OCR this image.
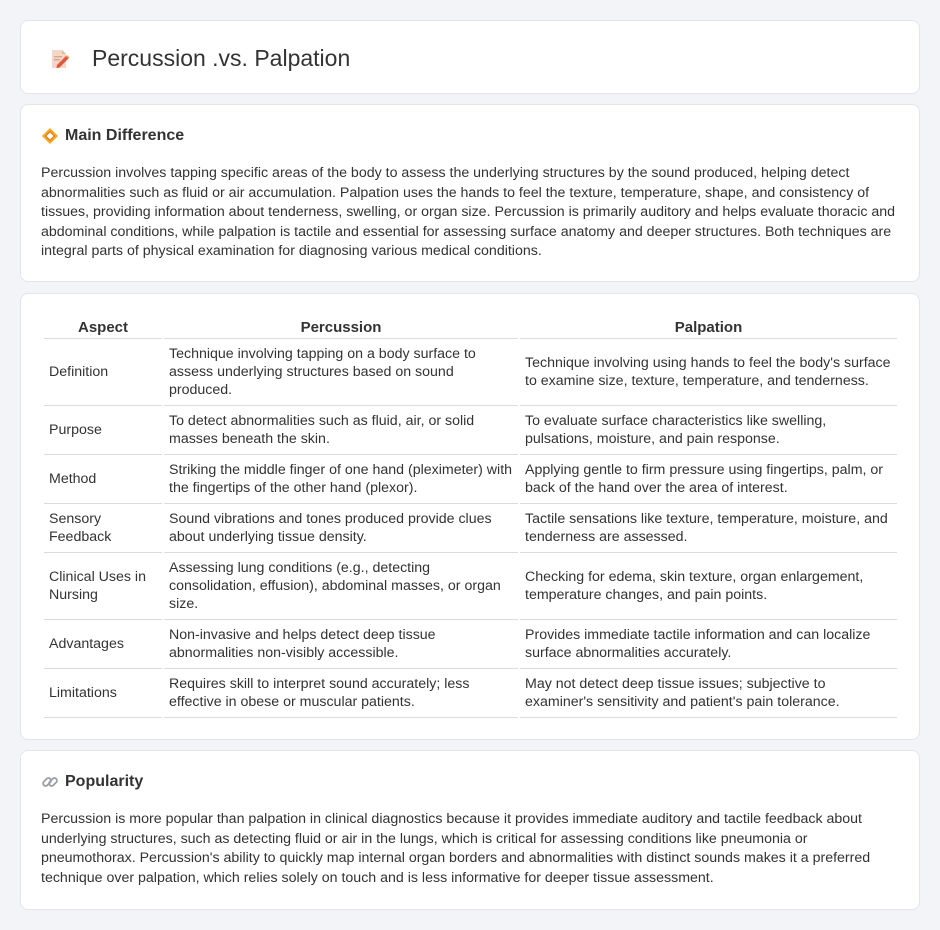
Percussion .vs. Palpation
Main Difference

Percussion involves tapping specific areas of the body to assess the underlying structures by the sound produced, helping detect abnormalities such as fluid or air accumulation. Palpation uses the hands to feel the texture, temperature, shape, and consistency of tissues, providing information about tenderness, swelling, or organ size. Percussion is primarily auditory and helps evaluate thoracic and abdominal conditions, while palpation is tactile and essential for assessing surface anatomy and deeper structures. Both techniques are integral parts of physical examination for diagnosing various medical conditions.

Aspect	Percussion	Palpation
Definition	Technique involving tapping on a body surface to assess underlying structures based on sound produced.	Technique involving using hands to feel the body's surface to examine size, texture, temperature, and tenderness.
Purpose	To detect abnormalities such as fluid, air, or solid masses beneath the skin.	To evaluate surface characteristics like swelling, pulsations, moisture, and pain response.
Method	Striking the middle finger of one hand (pleximeter) with the fingertips of the other hand (plexor).	Applying gentle to firm pressure using fingertips, palm, or back of the hand over the area of interest.
Sensory Feedback	Sound vibrations and tones produced provide clues about underlying tissue density.	Tactile sensations like texture, temperature, moisture, and tenderness are assessed.
Clinical Uses in Nursing	Assessing lung conditions (e.g., detecting consolidation, effusion), abdominal masses, or organ size.	Checking for edema, skin texture, organ enlargement, temperature changes, and pain points.
Advantages	Non-invasive and helps detect deep tissue abnormalities non-visibly accessible.	Provides immediate tactile information and can localize surface abnormalities accurately.
Limitations	Requires skill to interpret sound accurately; less effective in obese or muscular patients.	May not detect deep tissue issues; subjective to examiner's sensitivity and patient's pain tolerance.
Popularity

Percussion is more popular than palpation in clinical diagnostics because it provides immediate auditory and tactile feedback about underlying structures, such as detecting fluid or air in the lungs, which is critical for assessing conditions like pneumonia or pneumothorax. Percussion's ability to quickly map internal organ borders and abnormalities with distinct sounds makes it a preferred technique over palpation, which relies solely on touch and is less informative for deeper tissue assessment.
